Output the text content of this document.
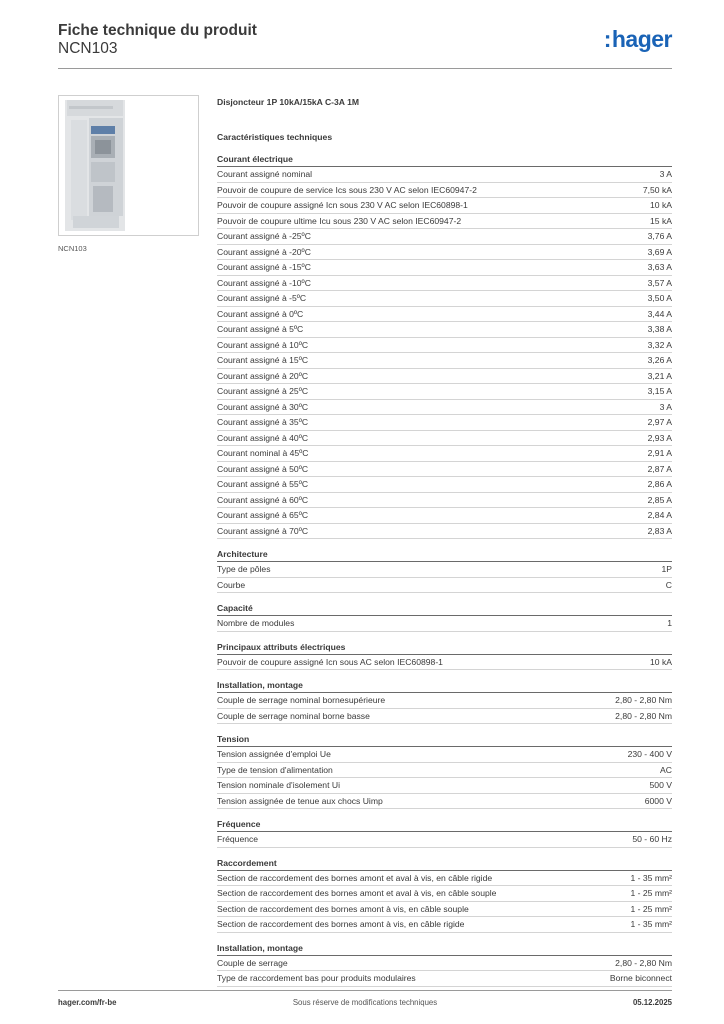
Fiche technique du produit
NCN103	:hager
NCN103
Disjoncteur 1P 10kA/15kA C-3A 1M
Caractéristiques techniques
Courant électrique
Courant assigné nominal	3 A
Pouvoir de coupure de service Ics sous 230 V AC selon IEC60947-2	7,50 kA
Pouvoir de coupure assigné Icn sous 230 V AC selon IEC60898-1	10 kA
Pouvoir de coupure ultime Icu sous 230 V AC selon IEC60947-2	15 kA
Courant assigné à -25ºC	3,76 A
Courant assigné à -20ºC	3,69 A
Courant assigné à -15ºC	3,63 A
Courant assigné à -10ºC	3,57 A
Courant assigné à -5ºC	3,50 A
Courant assigné à 0ºC	3,44 A
Courant assigné à 5ºC	3,38 A
Courant assigné à 10ºC	3,32 A
Courant assigné à 15ºC	3,26 A
Courant assigné à 20ºC	3,21 A
Courant assigné à 25ºC	3,15 A
Courant assigné à 30ºC	3 A
Courant assigné à 35ºC	2,97 A
Courant assigné à 40ºC	2,93 A
Courant nominal à 45ºC	2,91 A
Courant assigné à 50ºC	2,87 A
Courant assigné à 55ºC	2,86 A
Courant assigné à 60ºC	2,85 A
Courant assigné à 65ºC	2,84 A
Courant assigné à 70ºC	2,83 A
Architecture
Type de pôles	1P
Courbe	C
Capacité
Nombre de modules	1
Principaux attributs électriques
Pouvoir de coupure assigné Icn sous AC selon IEC60898-1	10 kA
Installation, montage
Couple de serrage nominal bornesupérieure	2,80 - 2,80 Nm
Couple de serrage nominal borne basse	2,80 - 2,80 Nm
Tension
Tension assignée d'emploi Ue	230 - 400 V
Type de tension d'alimentation	AC
Tension nominale d'isolement Ui	500 V
Tension assignée de tenue aux chocs Uimp	6000 V
Fréquence
Fréquence	50 - 60 Hz
Raccordement
Section de raccordement des bornes amont et aval à vis, en câble rigide	1 - 35 mm²
Section de raccordement des bornes amont et aval à vis, en câble souple	1 - 25 mm²
Section de raccordement des bornes amont à vis, en câble souple	1 - 25 mm²
Section de raccordement des bornes amont à vis, en câble rigide	1 - 35 mm²
Installation, montage
Couple de serrage	2,80 - 2,80 Nm
Type de raccordement bas pour produits modulaires	Borne biconnect
hager.com/fr-be	Sous réserve de modifications techniques	05.12.2025
